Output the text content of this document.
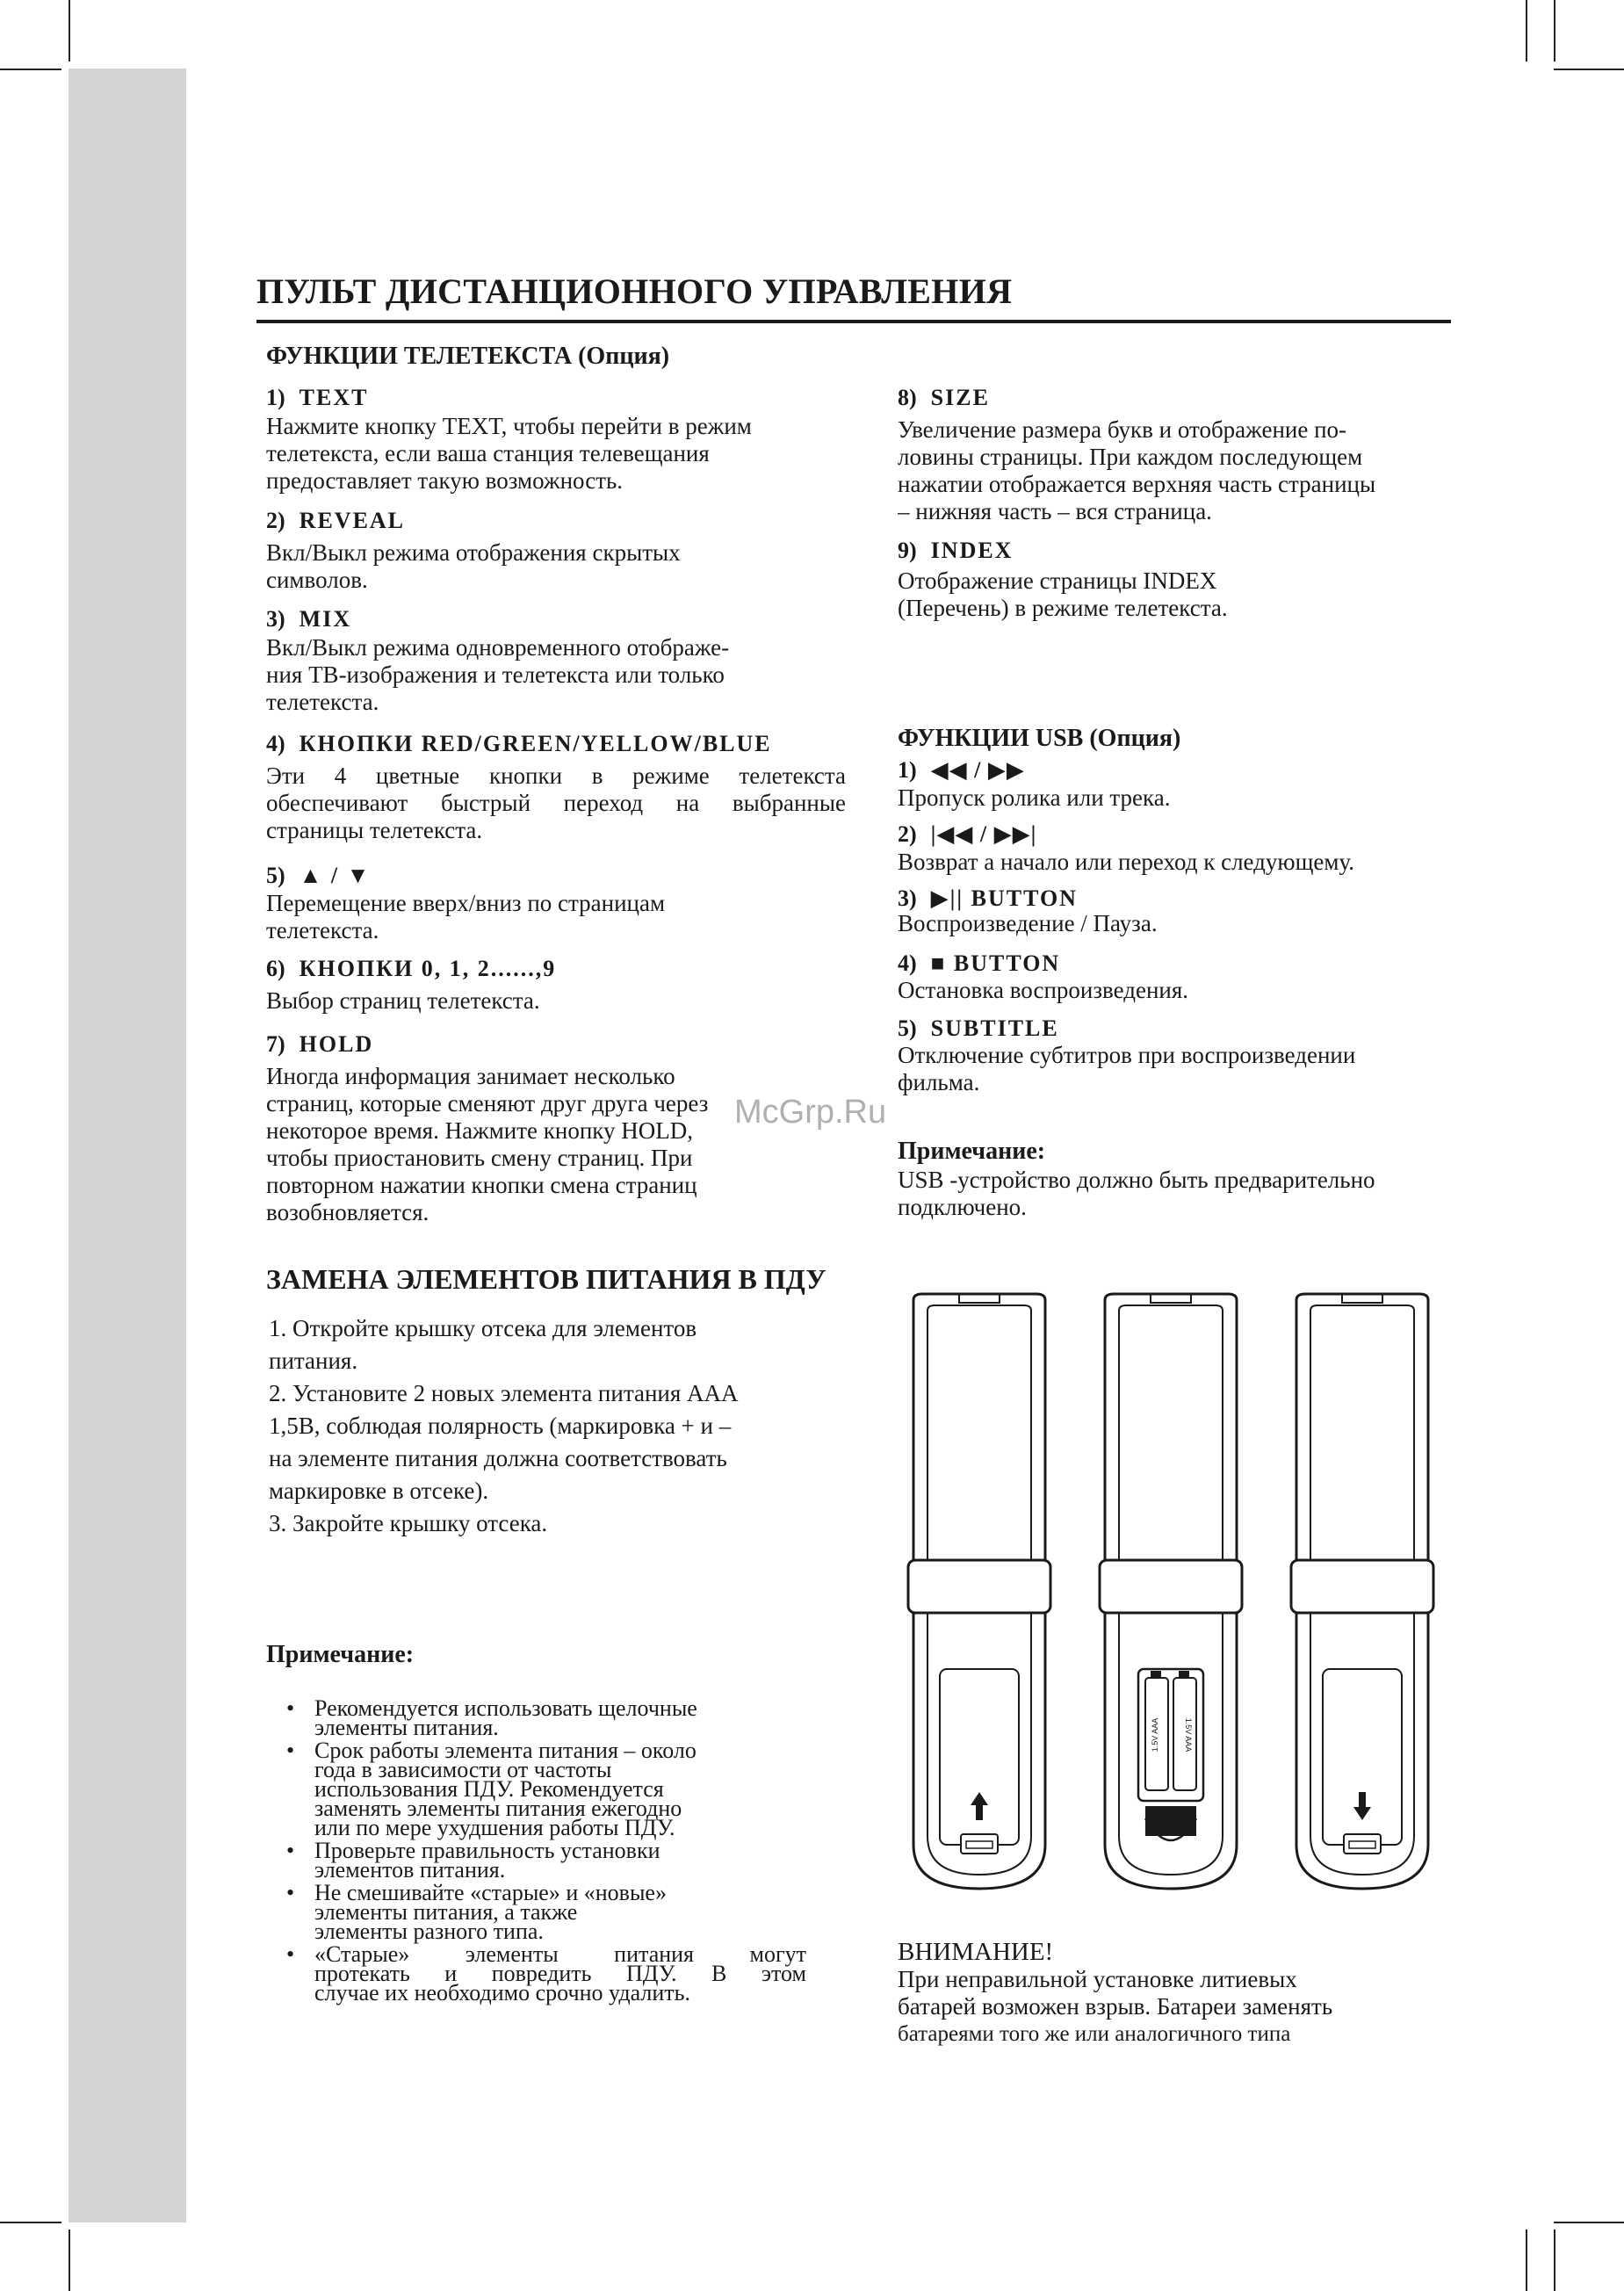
ПУЛЬТ ДИСТАНЦИОННОГО УПРАВЛЕНИЯ
ФУНКЦИИ ТЕЛЕТЕКСТА (Опция)
1) TEXT
Нажмите кнопку TEXT, чтобы перейти в режим
телетекста, если ваша станция телевещания
предоставляет такую возможность.
2) REVEAL
Вкл/Выкл режима отображения скрытых
символов.
3) MIX
Вкл/Выкл режима одновременного отображе-
ния ТВ-изображения и телетекста или только
телетекста.
4) КНОПКИ RED/GREEN/YELLOW/BLUE
Эти 4 цветные кнопки в режиме телетекста
обеспечивают быстрый переход на выбранные
страницы телетекста.
5) ▲ / ▼
Перемещение вверх/вниз по страницам
телетекста.
6) КНОПКИ 0, 1, 2......,9
Выбор страниц телетекста.
7) HOLD
Иногда информация занимает несколько
страниц, которые сменяют друг друга через
некоторое время. Нажмите кнопку HOLD,
чтобы приостановить смену страниц. При
повторном нажатии кнопки смена страниц
возобновляется.
McGrp.Ru
8) SIZE
Увеличение размера букв и отображение по-
ловины страницы. При каждом последующем
нажатии отображается верхняя часть страницы
– нижняя часть – вся страница.
9) INDEX
Отображение страницы INDEX
(Перечень) в режиме телетекста.
ФУНКЦИИ USB (Опция)
1) ◀◀ / ▶▶
Пропуск ролика или трека.
2) |◀◀ / ▶▶|
Возврат а начало или переход к следующему.
3) ▶|| BUTTON
Воспроизведение / Пауза.
4) ■ BUTTON
Остановка воспроизведения.
5) SUBTITLE
Отключение субтитров при воспроизведении
фильма.
Примечание:
USB -устройство должно быть предварительно
подключено.
ЗАМЕНА ЭЛЕМЕНТОВ ПИТАНИЯ В ПДУ
1. Откройте крышку отсека для элементов
питания.
2. Установите 2 новых элемента питания ААА
1,5В, соблюдая полярность (маркировка + и –
на элементе питания должна соответствовать
маркировке в отсеке).
3. Закройте крышку отсека.
Примечание:
• Рекомендуется использовать щелочные
элементы питания.
• Срок работы элемента питания – около
года в зависимости от частоты
использования ПДУ. Рекомендуется
заменять элементы питания ежегодно
или по мере ухудшения работы ПДУ.
• Проверьте правильность установки
элементов питания.
• Не смешивайте «старые» и «новые»
элементы питания, а также
элементы разного типа.
• «Старые» элементы питания могут
протекать и повредить ПДУ. В этом
случае их необходимо срочно удалить.
1.5V AAA	1.5V AAA
ВНИМАНИЕ!
При неправильной установке литиевых
батарей возможен взрыв. Батареи заменять
батареями того же или аналогичного типа
